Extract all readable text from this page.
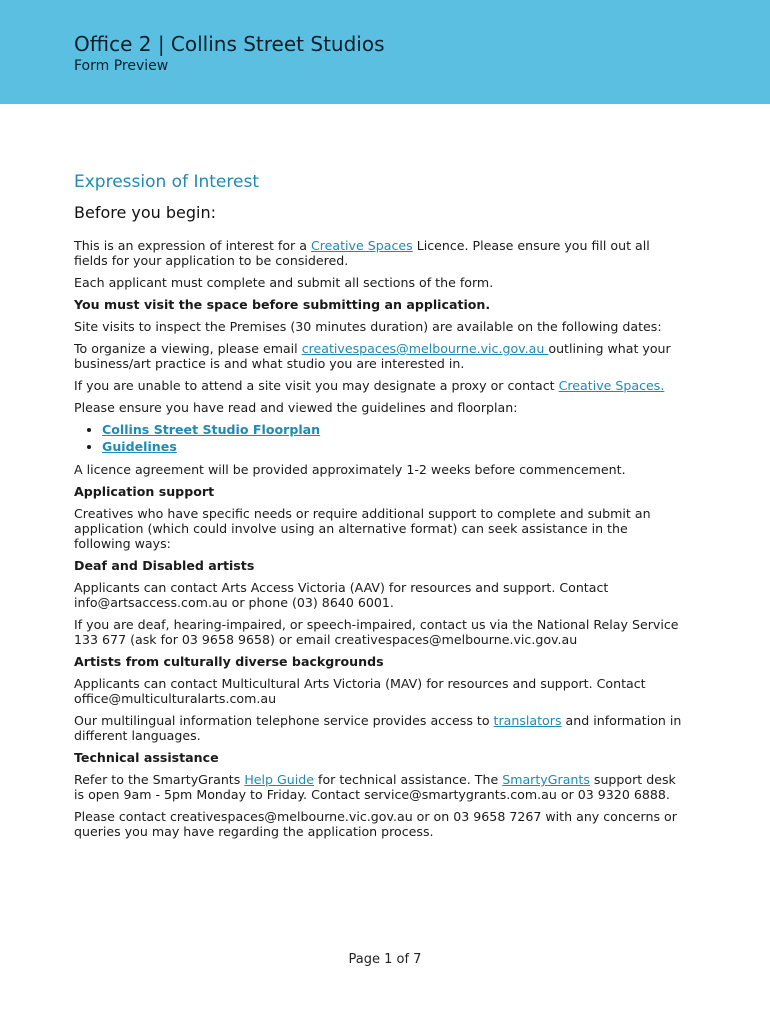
Office 2 | Collins Street Studios
Form Preview
Expression of Interest
Before you begin:

This is an expression of interest for a Creative Spaces Licence. Please ensure you fill out all fields for your application to be considered.

Each applicant must complete and submit all sections of the form.

You must visit the space before submitting an application.

Site visits to inspect the Premises (30 minutes duration) are available on the following dates:

To organize a viewing, please email creativespaces@melbourne.vic.gov.au outlining what your business/art practice is and what studio you are interested in.

If you are unable to attend a site visit you may designate a proxy or contact Creative Spaces.

Please ensure you have read and viewed the guidelines and floorplan:

• Collins Street Studio Floorplan
• Guidelines

A licence agreement will be provided approximately 1-2 weeks before commencement.

Application support

Creatives who have specific needs or require additional support to complete and submit an application (which could involve using an alternative format) can seek assistance in the following ways:

Deaf and Disabled artists

Applicants can contact Arts Access Victoria (AAV) for resources and support. Contact info@artsaccess.com.au or phone (03) 8640 6001.

If you are deaf, hearing-impaired, or speech-impaired, contact us via the National Relay Service 133 677 (ask for 03 9658 9658) or email creativespaces@melbourne.vic.gov.au

Artists from culturally diverse backgrounds

Applicants can contact Multicultural Arts Victoria (MAV) for resources and support. Contact office@multiculturalarts.com.au

Our multilingual information telephone service provides access to translators and information in different languages.

Technical assistance

Refer to the SmartyGrants Help Guide for technical assistance. The SmartyGrants support desk is open 9am - 5pm Monday to Friday. Contact service@smartygrants.com.au or 03 9320 6888.

Please contact creativespaces@melbourne.vic.gov.au or on 03 9658 7267 with any concerns or queries you may have regarding the application process.

Page 1 of 7
